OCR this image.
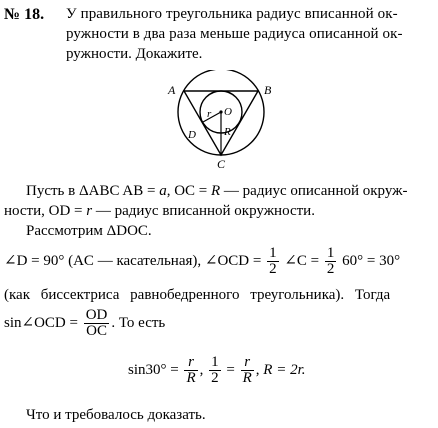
№ 18. У правильного треугольника радиус вписанной ок-
ружности в два раза меньше радиуса описанной ок-
ружности. Докажите.
A	B
C
O
D
r
R
Пусть в ΔABC AB = a, OC = R — радиус описанной окруж-
ности, OD = r — радиус вписанной окружности.
Рассмотрим ΔDOC.
∠D = 90° (AC — касательная), ∠OCD = $\frac{1}{2}$ ∠C = $\frac{1}{2} 60^\circ = 30^\circ$
(как биссектриса равнобедренного треугольника). Тогда
sin∠OCD = $\frac{OD}{OC}$ . То есть
$\sin 30^\circ = \frac{r}{R}$ , $\frac{1}{2} = \frac{r}{R}$ , R = 2r.
Что и требовалось доказать.
